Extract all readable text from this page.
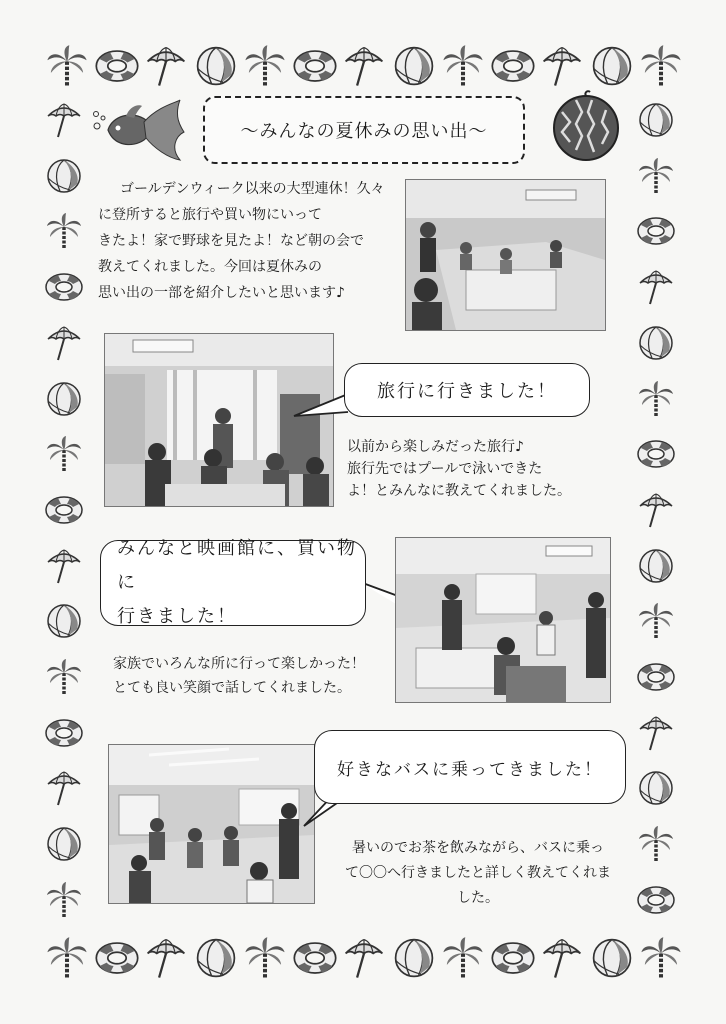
～みんなの夏休みの思い出～
ゴールデンウィーク以来の大型連休！久々
に登所すると旅行や買い物にいって
きたよ！家で野球を見たよ！など朝の会で
教えてくれました。今回は夏休みの
思い出の一部を紹介したいと思います♪
旅行に行きました！
以前から楽しみだった旅行♪
旅行先ではプールで泳いできた
よ！とみんなに教えてくれました。
みんなと映画館に、買い物に
行きました！
家族でいろんな所に行って楽しかった！
とても良い笑顔で話してくれました。
好きなバスに乗ってきました！
暑いのでお茶を飲みながら、バスに乗っ
て〇〇へ行きましたと詳しく教えてくれま
した。
